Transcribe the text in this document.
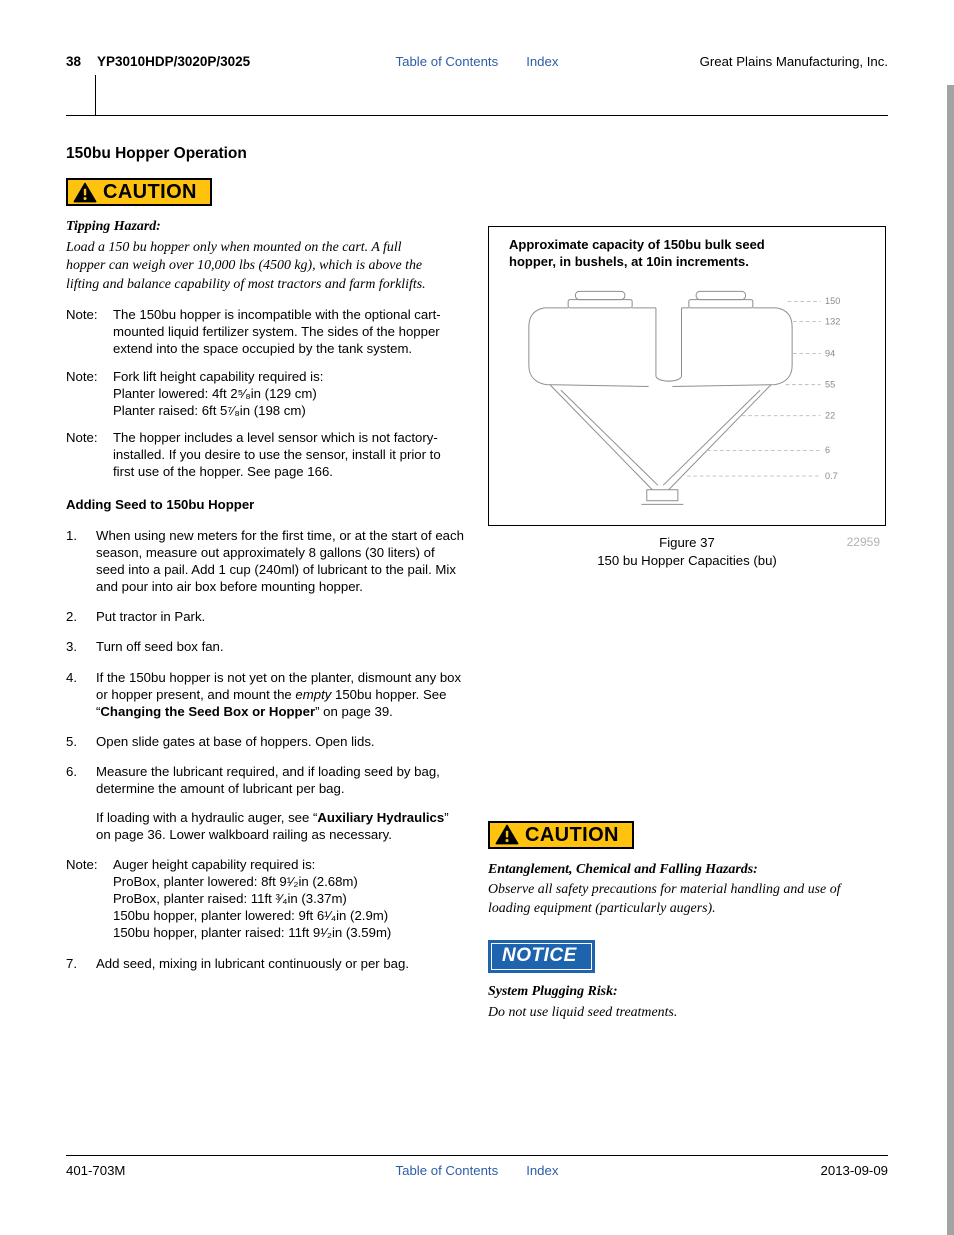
38 YP3010HDP/3020P/3025	Table of Contents Index	Great Plains Manufacturing, Inc.
150bu Hopper Operation
CAUTION
Tipping Hazard:
Load a 150 bu hopper only when mounted on the cart. A full hopper can weigh over 10,000 lbs (4500 kg), which is above the lifting and balance capability of most tractors and farm forklifts.
Note:	The 150bu hopper is incompatible with the optional cart-mounted liquid fertilizer system. The sides of the hopper extend into the space occupied by the tank system.
Note:	Fork lift height capability required is:
Planter lowered: 4ft 2⁵⁄₈in (129 cm)
Planter raised: 6ft 5⁷⁄₈in (198 cm)
Note:	The hopper includes a level sensor which is not factory-installed. If you desire to use the sensor, install it prior to first use of the hopper. See page 166.
Adding Seed to 150bu Hopper
1.	When using new meters for the first time, or at the start of each season, measure out approximately 8 gallons (30 liters) of seed into a pail. Add 1 cup (240ml) of lubricant to the pail. Mix and pour into air box before mounting hopper.
2.	Put tractor in Park.
3.	Turn off seed box fan.
4.	If the 150bu hopper is not yet on the planter, dismount any box or hopper present, and mount the empty 150bu hopper. See “Changing the Seed Box or Hopper” on page 39.
5.	Open slide gates at base of hoppers. Open lids.
6.	Measure the lubricant required, and if loading seed by bag, determine the amount of lubricant per bag.
If loading with a hydraulic auger, see “Auxiliary Hydraulics” on page 36. Lower walkboard railing as necessary.
Note:	Auger height capability required is:
ProBox, planter lowered: 8ft 9¹⁄₂in (2.68m)
ProBox, planter raised: 11ft ³⁄₄in (3.37m)
150bu hopper, planter lowered: 9ft 6¹⁄₄in (2.9m)
150bu hopper, planter raised: 11ft 9¹⁄₂in (3.59m)
7.	Add seed, mixing in lubricant continuously or per bag.
Approximate capacity of 150bu bulk seed hopper, in bushels, at 10in increments.
150
132
94
55
22
6
0.7
Figure 37	22959
150 bu Hopper Capacities (bu)
CAUTION
Entanglement, Chemical and Falling Hazards:
Observe all safety precautions for material handling and use of loading equipment (particularly augers).
NOTICE
System Plugging Risk:
Do not use liquid seed treatments.
401-703M	Table of Contents Index	2013-09-09
